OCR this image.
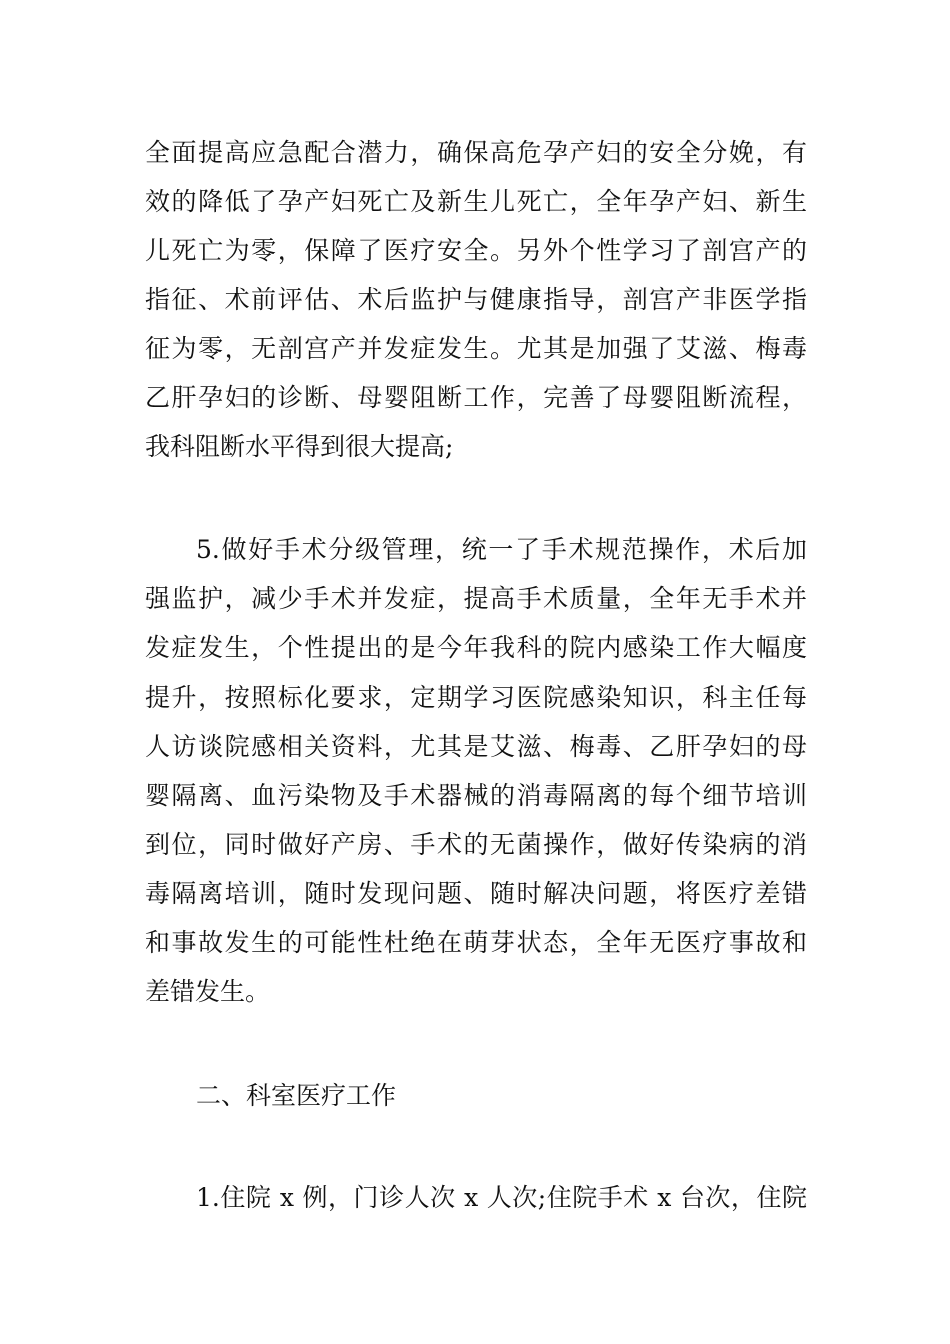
全面提高应急配合潜力，确保高危孕产妇的安全分娩，有
效的降低了孕产妇死亡及新生儿死亡，全年孕产妇、新生
儿死亡为零，保障了医疗安全。另外个性学习了剖宫产的
指征、术前评估、术后监护与健康指导，剖宫产非医学指
征为零，无剖宫产并发症发生。尤其是加强了艾滋、梅毒
乙肝孕妇的诊断、母婴阻断工作，完善了母婴阻断流程，
我科阻断水平得到很大提高;
5.做好手术分级管理，统一了手术规范操作，术后加
强监护，减少手术并发症，提高手术质量，全年无手术并
发症发生，个性提出的是今年我科的院内感染工作大幅度
提升，按照标化要求，定期学习医院感染知识，科主任每
人访谈院感相关资料，尤其是艾滋、梅毒、乙肝孕妇的母
婴隔离、血污染物及手术器械的消毒隔离的每个细节培训
到位，同时做好产房、手术的无菌操作，做好传染病的消
毒隔离培训，随时发现问题、随时解决问题，将医疗差错
和事故发生的可能性杜绝在萌芽状态，全年无医疗事故和
差错发生。
二、科室医疗工作
1.住院 x 例，门诊人次 x 人次;住院手术 x 台次，住院
